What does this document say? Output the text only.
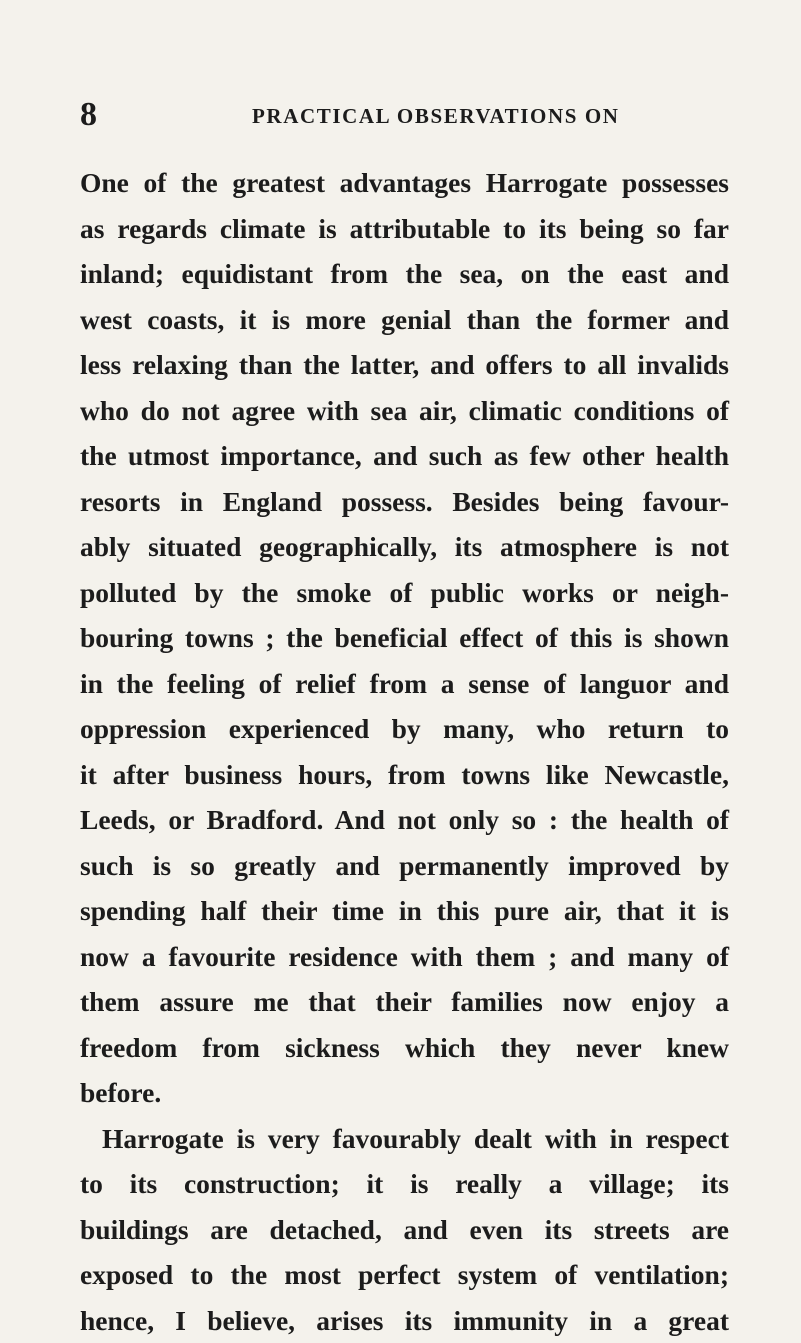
8	PRACTICAL OBSERVATIONS ON
One of the greatest advantages Harrogate possesses
as regards climate is attributable to its being so far
inland; equidistant from the sea, on the east and
west coasts, it is more genial than the former and
less relaxing than the latter, and offers to all invalids
who do not agree with sea air, climatic conditions of
the utmost importance, and such as few other health
resorts in England possess. Besides being favour-
ably situated geographically, its atmosphere is not
polluted by the smoke of public works or neigh-
bouring towns ; the beneficial effect of this is shown
in the feeling of relief from a sense of languor and
oppression experienced by many, who return to
it after business hours, from towns like Newcastle,
Leeds, or Bradford. And not only so : the health of
such is so greatly and permanently improved by
spending half their time in this pure air, that it is
now a favourite residence with them ; and many of
them assure me that their families now enjoy a
freedom from sickness which they never knew
before.
Harrogate is very favourably dealt with in respect
to its construction; it is really a village; its
buildings are detached, and even its streets are
exposed to the most perfect system of ventilation;
hence, I believe, arises its immunity in a great
